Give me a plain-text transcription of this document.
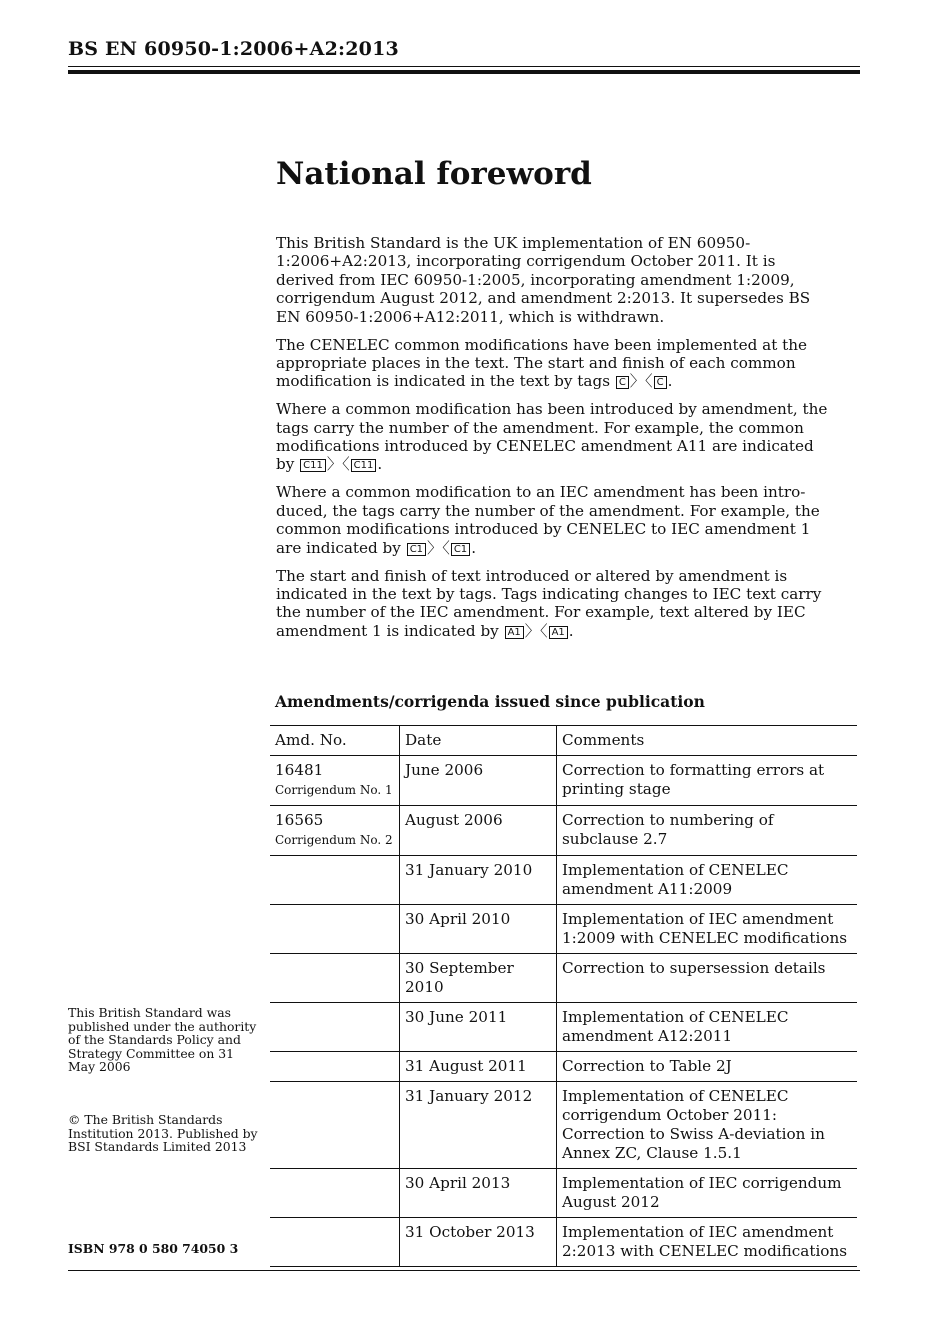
BS EN 60950-1:2006+A2:2013
National foreword

This British Standard is the UK implementation of EN 60950-1:2006+A2:2013, incorporating corrigendum October 2011. It is derived from IEC 60950-1:2005, incorporating amendment 1:2009, corrigendum August 2012, and amendment 2:2013. It supersedes BS EN 60950-1:2006+A12:2011, which is withdrawn.

The CENELEC common modifications have been implemented at the appropriate places in the text. The start and finish of each common modification is indicated in the text by tags C 〉〈 C .

Where a common modification has been introduced by amendment, the tags carry the number of the amendment. For example, the common modifications introduced by CENELEC amendment A11 are indicated by C11 〉〈 C11 .

Where a common modification to an IEC amendment has been intro-duced, the tags carry the number of the amendment. For example, the common modifications introduced by CENELEC to IEC amendment 1 are indicated by C1 〉〈 C1 .

The start and finish of text introduced or altered by amendment is indicated in the text by tags. Tags indicating changes to IEC text carry the number of the IEC amendment. For example, text altered by IEC amendment 1 is indicated by A1 〉〈 A1 .

Amendments/corrigenda issued since publication
Amd. No.	Date	Comments
16481
Corrigendum No. 1	June 2006	Correction to formatting errors at printing stage
16565
Corrigendum No. 2	August 2006	Correction to numbering of subclause 2.7
	31 January 2010	Implementation of CENELEC amendment A11:2009
	30 April 2010	Implementation of IEC amendment 1:2009 with CENELEC modifications
	30 September 2010	Correction to supersession details
	30 June 2011	Implementation of CENELEC amendment A12:2011
	31 August 2011	Correction to Table 2J
	31 January 2012	Implementation of CENELEC corrigendum October 2011: Correction to Swiss A-deviation in Annex ZC, Clause 1.5.1
	30 April 2013	Implementation of IEC corrigendum August 2012
	31 October 2013	Implementation of IEC amendment 2:2013 with CENELEC modifications
This British Standard was published under the authority of the Standards Policy and Strategy Committee on 31 May 2006
© The British Standards Institution 2013. Published by BSI Standards Limited 2013
ISBN 978 0 580 74050 3
